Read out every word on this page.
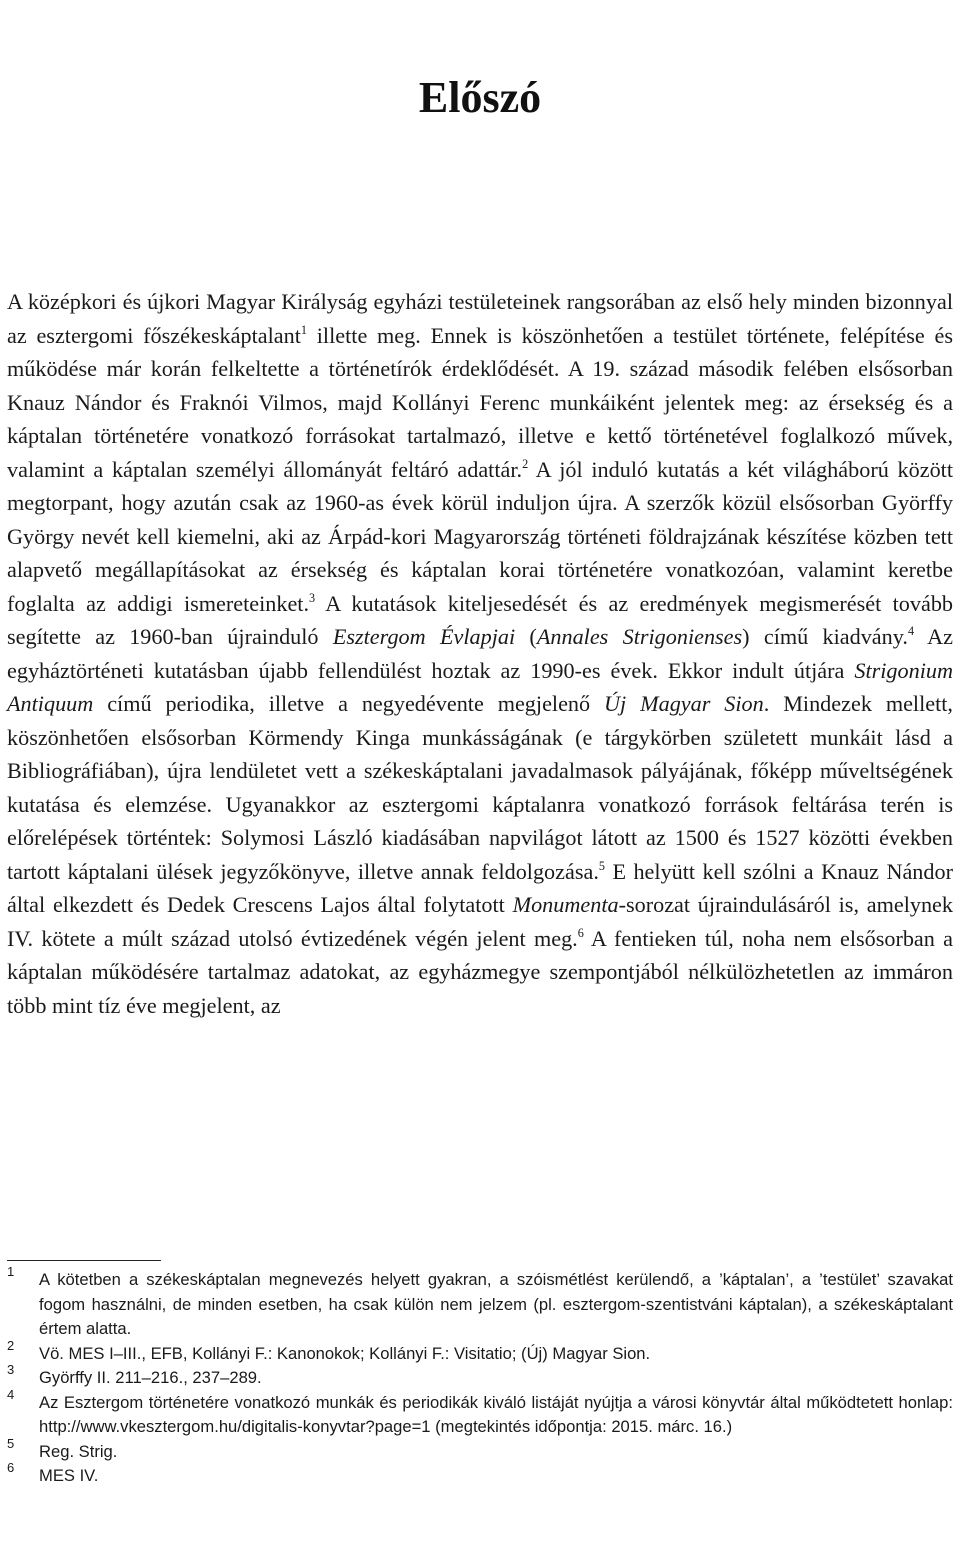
Előszó

A középkori és újkori Magyar Királyság egyházi testületeinek rangsorában az első hely minden bizonnyal az esztergomi főszékeskáptalant$^1$ illette meg. Ennek is köszönhetően a testület története, felépítése és működése már korán felkeltette a történetírók érdeklődését. A 19. század második felében elsősorban Knauz Nándor és Fraknói Vilmos, majd Kollányi Ferenc munkáiként jelentek meg: az érsekség és a káptalan történetére vonatkozó forrásokat tartalmazó, illetve e kettő történetével foglalkozó művek, valamint a káptalan személyi állományát feltáró adattár.$^2$ A jól induló kutatás a két világháború között megtorpant, hogy azután csak az 1960-as évek körül induljon újra. A szerzők közül elsősorban Györffy György nevét kell kiemelni, aki az Árpád-kori Magyarország történeti földrajzának készítése közben tett alapvető megállapításokat az érsekség és káptalan korai történetére vonatkozóan, valamint keretbe foglalta az addigi ismereteinket.$^3$ A kutatások kiteljesedését és az eredmények megismerését tovább segítette az 1960-ban újrainduló Esztergom Évlapjai (Annales Strigonienses) című kiadvány.$^4$ Az egyháztörténeti kutatásban újabb fellendülést hoztak az 1990-es évek. Ekkor indult útjára Strigonium Antiquum című periodika, illetve a negyedévente megjelenő Új Magyar Sion. Mindezek mellett, köszönhetően elsősorban Körmendy Kinga munkásságának (e tárgykörben született munkáit lásd a Bibliográfiában), újra lendületet vett a székeskáptalani javadalmasok pályájának, főképp műveltségének kutatása és elemzése. Ugyanakkor az esztergomi káptalanra vonatkozó források feltárása terén is előrelépések történtek: Solymosi László kiadásában napvilágot látott az 1500 és 1527 közötti években tartott káptalani ülések jegyzőkönyve, illetve annak feldolgozása.$^5$ E helyütt kell szólni a Knauz Nándor által elkezdett és Dedek Crescens Lajos által folytatott Monumenta-sorozat újraindulásáról is, amelynek IV. kötete a múlt század utolsó évtizedének végén jelent meg.$^6$ A fentieken túl, noha nem elsősorban a káptalan működésére tartalmaz adatokat, az egyházmegye szempontjából nélkülözhetetlen az immáron több mint tíz éve megjelent, az

1	A kötetben a székeskáptalan megnevezés helyett gyakran, a szóismétlést kerülendő, a ’káptalan’, a ’testület’ szavakat fogom használni, de minden esetben, ha csak külön nem jelzem (pl. esztergom-szentistváni káptalan), a székeskáptalant értem alatta.
2	Vö. MES I–III., EFB, Kollányi F.: Kanonokok; Kollányi F.: Visitatio; (Új) Magyar Sion.
3	Györffy II. 211–216., 237–289.
4	Az Esztergom történetére vonatkozó munkák és periodikák kiváló listáját nyújtja a városi könyvtár által működtetett honlap: http://www.vkesztergom.hu/digitalis-konyvtar?page=1 (megtekintés időpontja: 2015. márc. 16.)
5	Reg. Strig.
6	MES IV.
